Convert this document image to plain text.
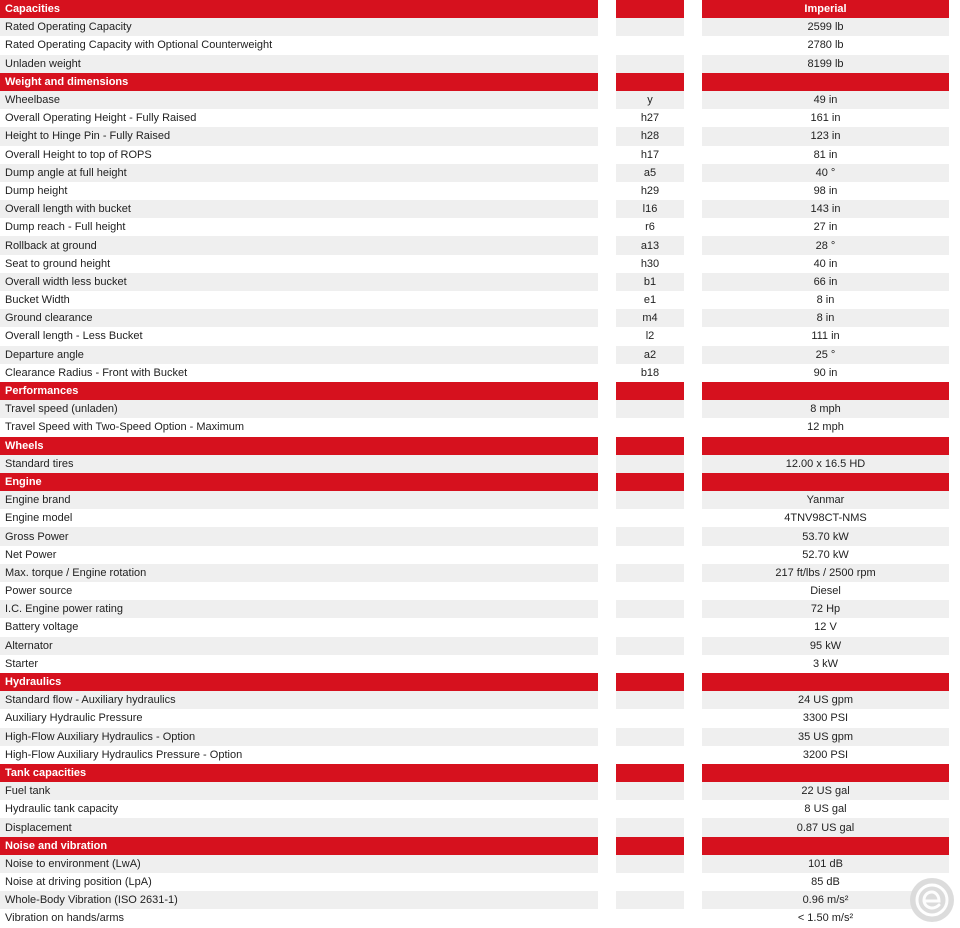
Capacities	Imperial
Rated Operating Capacity	2599 lb
Rated Operating Capacity with Optional Counterweight	2780 lb
Unladen weight	8199 lb
Weight and dimensions
Wheelbase	y	49 in
Overall Operating Height - Fully Raised	h27	161 in
Height to Hinge Pin - Fully Raised	h28	123 in
Overall Height to top of ROPS	h17	81 in
Dump angle at full height	a5	40 °
Dump height	h29	98 in
Overall length with bucket	l16	143 in
Dump reach - Full height	r6	27 in
Rollback at ground	a13	28 °
Seat to ground height	h30	40 in
Overall width less bucket	b1	66 in
Bucket Width	e1	8 in
Ground clearance	m4	8 in
Overall length - Less Bucket	l2	111 in
Departure angle	a2	25 °
Clearance Radius - Front with Bucket	b18	90 in
Performances
Travel speed (unladen)	8 mph
Travel Speed with Two-Speed Option - Maximum	12 mph
Wheels
Standard tires	12.00 x 16.5 HD
Engine
Engine brand	Yanmar
Engine model	4TNV98CT-NMS
Gross Power	53.70 kW
Net Power	52.70 kW
Max. torque / Engine rotation	217 ft/lbs / 2500 rpm
Power source	Diesel
I.C. Engine power rating	72 Hp
Battery voltage	12 V
Alternator	95 kW
Starter	3 kW
Hydraulics
Standard flow - Auxiliary hydraulics	24 US gpm
Auxiliary Hydraulic Pressure	3300 PSI
High-Flow Auxiliary Hydraulics - Option	35 US gpm
High-Flow Auxiliary Hydraulics Pressure - Option	3200 PSI
Tank capacities
Fuel tank	22 US gal
Hydraulic tank capacity	8 US gal
Displacement	0.87 US gal
Noise and vibration
Noise to environment (LwA)	101 dB
Noise at driving position (LpA)	85 dB
Whole-Body Vibration (ISO 2631-1)	0.96 m/s²
Vibration on hands/arms	< 1.50 m/s²
